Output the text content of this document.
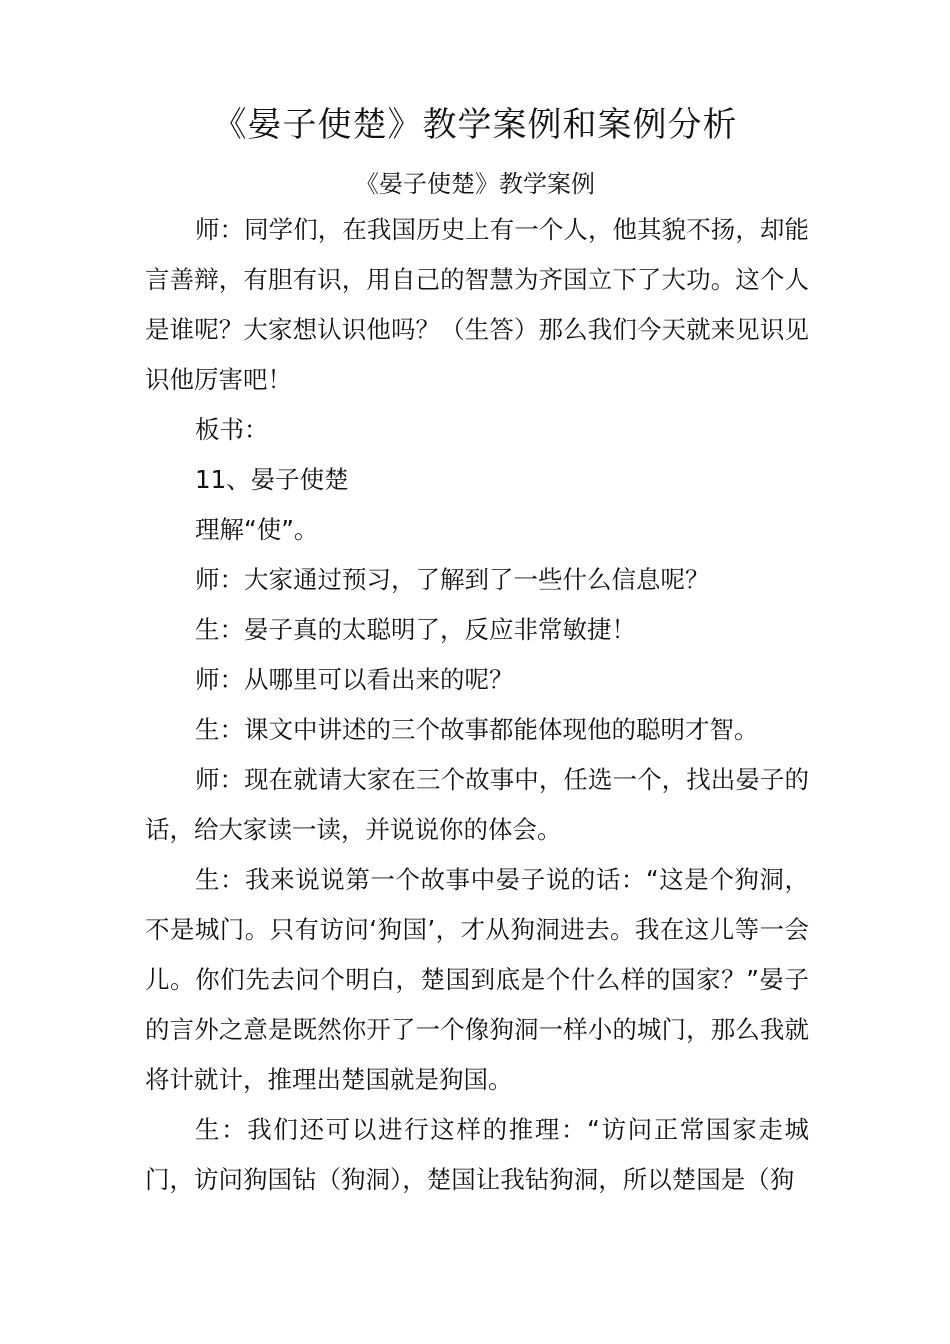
《晏子使楚》教学案例和案例分析
《晏子使楚》教学案例

师：同学们，在我国历史上有一个人，他其貌不扬，却能言善辩，有胆有识，用自己的智慧为齐国立下了大功。这个人是谁呢？大家想认识他吗？（生答）那么我们今天就来见识见识他厉害吧！

板书：

11、晏子使楚

理解“使”。

师：大家通过预习，了解到了一些什么信息呢？

生：晏子真的太聪明了，反应非常敏捷！

师：从哪里可以看出来的呢？

生：课文中讲述的三个故事都能体现他的聪明才智。

师：现在就请大家在三个故事中，任选一个，找出晏子的话，给大家读一读，并说说你的体会。

生：我来说说第一个故事中晏子说的话：“这是个狗洞，不是城门。只有访问‘狗国’，才从狗洞进去。我在这儿等一会儿。你们先去问个明白，楚国到底是个什么样的国家？”晏子的言外之意是既然你开了一个像狗洞一样小的城门，那么我就将计就计，推理出楚国就是狗国。

生：我们还可以进行这样的推理：“访问正常国家走城门，访问狗国钻（狗洞），楚国让我钻狗洞，所以楚国是（狗
